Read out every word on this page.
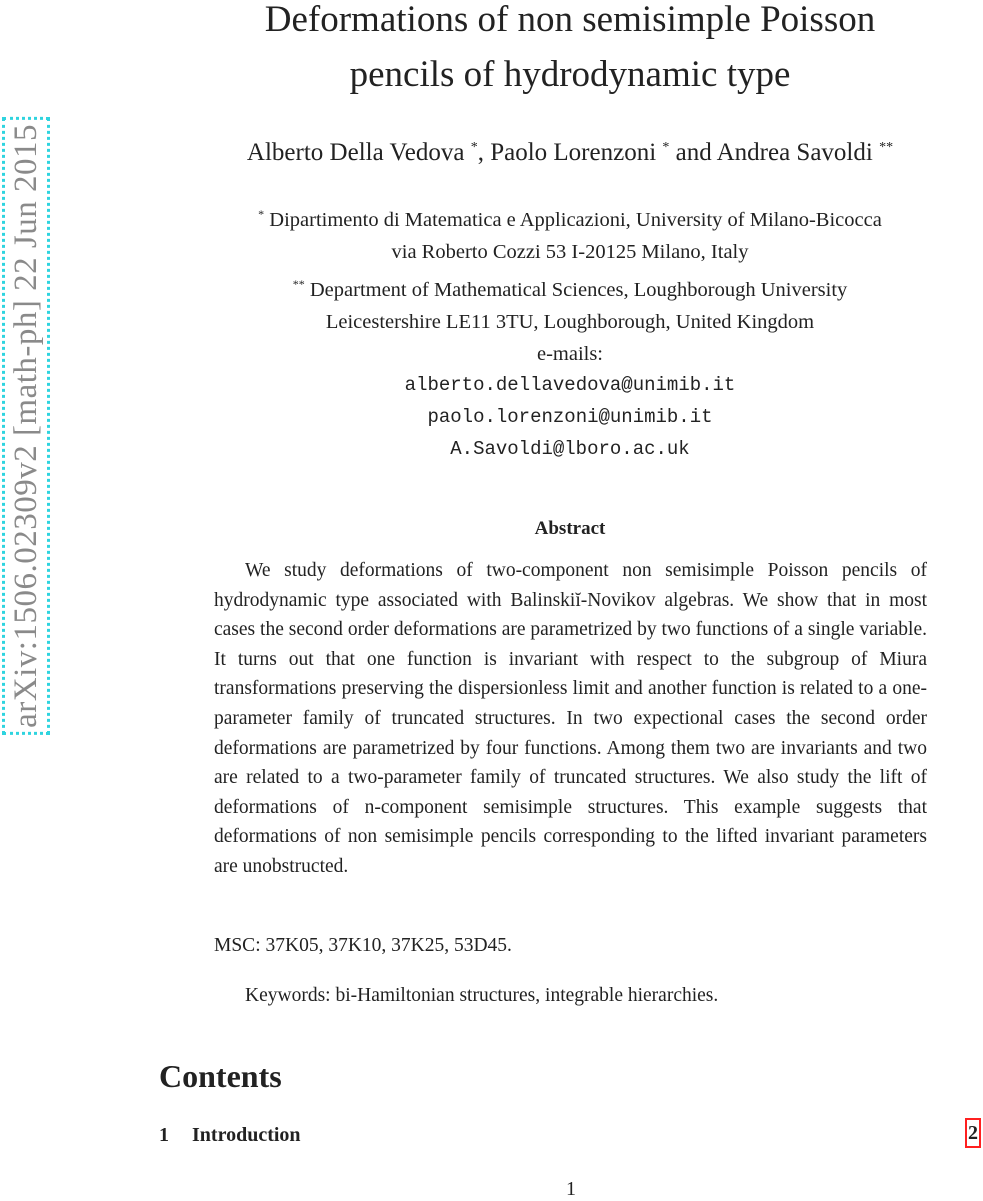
arXiv:1506.02309v2 [math-ph] 22 Jun 2015
Deformations of non semisimple Poisson
pencils of hydrodynamic type
Alberto Della Vedova *, Paolo Lorenzoni * and Andrea Savoldi **
* Dipartimento di Matematica e Applicazioni, University of Milano-Bicocca
via Roberto Cozzi 53 I-20125 Milano, Italy
** Department of Mathematical Sciences, Loughborough University
Leicestershire LE11 3TU, Loughborough, United Kingdom
e-mails:
alberto.dellavedova@unimib.it
paolo.lorenzoni@unimib.it
A.Savoldi@lboro.ac.uk
Abstract

We study deformations of two-component non semisimple Poisson pencils of hydrodynamic type associated with Balinskiĭ-Novikov algebras. We show that in most cases the second order deformations are parametrized by two functions of a single variable. It turns out that one function is invariant with respect to the subgroup of Miura transformations preserving the dispersionless limit and another function is related to a one-parameter family of truncated structures. In two expectional cases the second order deformations are parametrized by four functions. Among them two are invariants and two are related to a two-parameter family of truncated structures. We also study the lift of deformations of n-component semisimple structures. This example suggests that deformations of non semisimple pencils corresponding to the lifted invariant parameters are unobstructed.

MSC: 37K05, 37K10, 37K25, 53D45.
Keywords: bi-Hamiltonian structures, integrable hierarchies.
Contents
1 Introduction	2
1
